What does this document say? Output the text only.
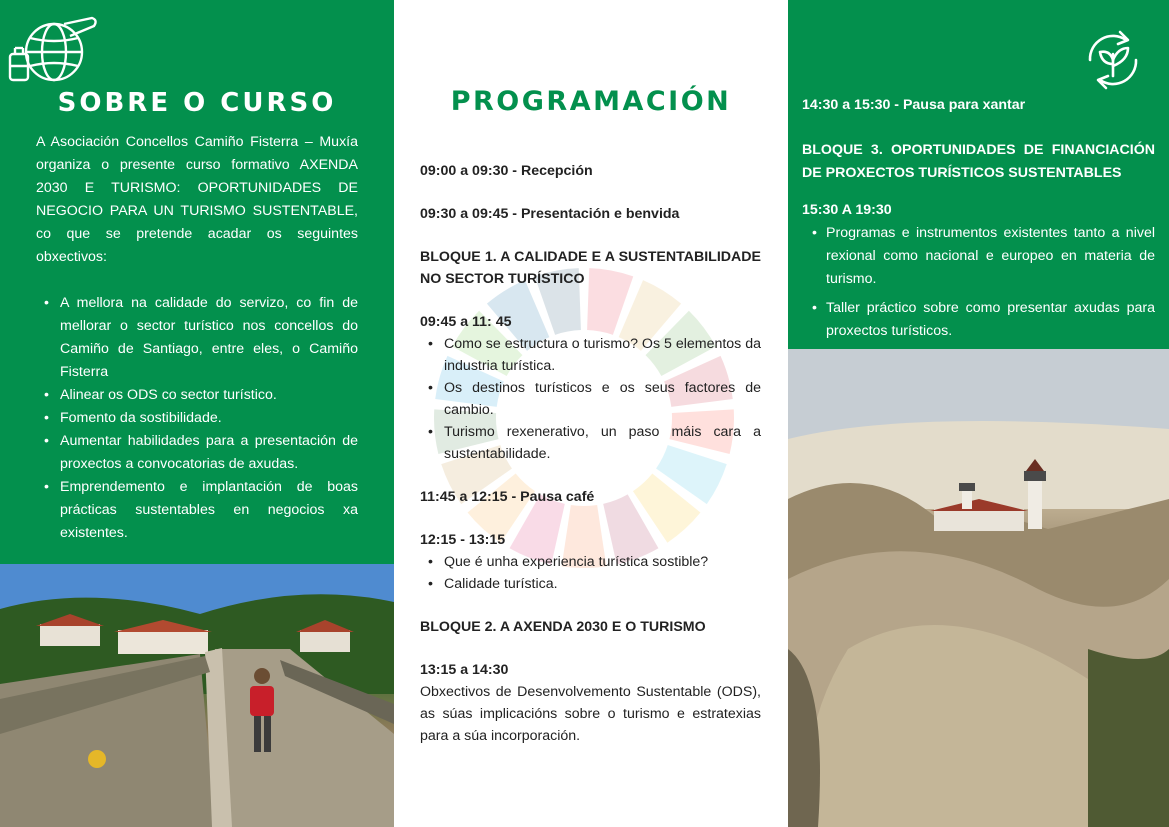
SOBRE O CURSO

A Asociación Concellos Camiño Fisterra – Muxía organiza o presente curso formativo AXENDA 2030 E TURISMO: OPORTUNIDADES DE NEGOCIO PARA UN TURISMO SUSTENTABLE, co que se pretende acadar os seguintes obxectivos:

• A mellora na calidade do servizo, co fin de mellorar o sector turístico nos concellos do Camiño de Santiago, entre eles, o Camiño Fisterra
• Alinear os ODS co sector turístico.
• Fomento da sostibilidade.
• Aumentar habilidades para a presentación de proxectos a convocatorias de axudas.
• Emprendemento e implantación de boas prácticas sustentables en negocios xa existentes.
PROGRAMACIÓN

09:00 a 09:30 - Recepción

09:30 a 09:45 - Presentación e benvida

BLOQUE 1. A CALIDADE E A SUSTENTABILIDADE NO SECTOR TURÍSTICO

09:45 a 11: 45

• Como se estructura o turismo? Os 5 elementos da industria turística.
• Os destinos turísticos e os seus factores de cambio.
• Turismo rexenerativo, un paso máis cara a sustentabilidade.

11:45 a 12:15 - Pausa café

12:15 - 13:15

• Que é unha experiencia turística sostible?
• Calidade turística.

BLOQUE 2. A AXENDA 2030 E O TURISMO

13:15 a 14:30

Obxectivos de Desenvolvemento Sustentable (ODS), as súas implicacións sobre o turismo e estratexias para a súa incorporación.

14:30 a 15:30 - Pausa para xantar

BLOQUE 3. OPORTUNIDADES DE FINANCIACIÓN DE PROXECTOS TURÍSTICOS SUSTENTABLES

15:30 A 19:30

• Programas e instrumentos existentes tanto a nivel rexional como nacional e europeo en materia de turismo.
• Taller práctico sobre como presentar axudas para proxectos turísticos.
